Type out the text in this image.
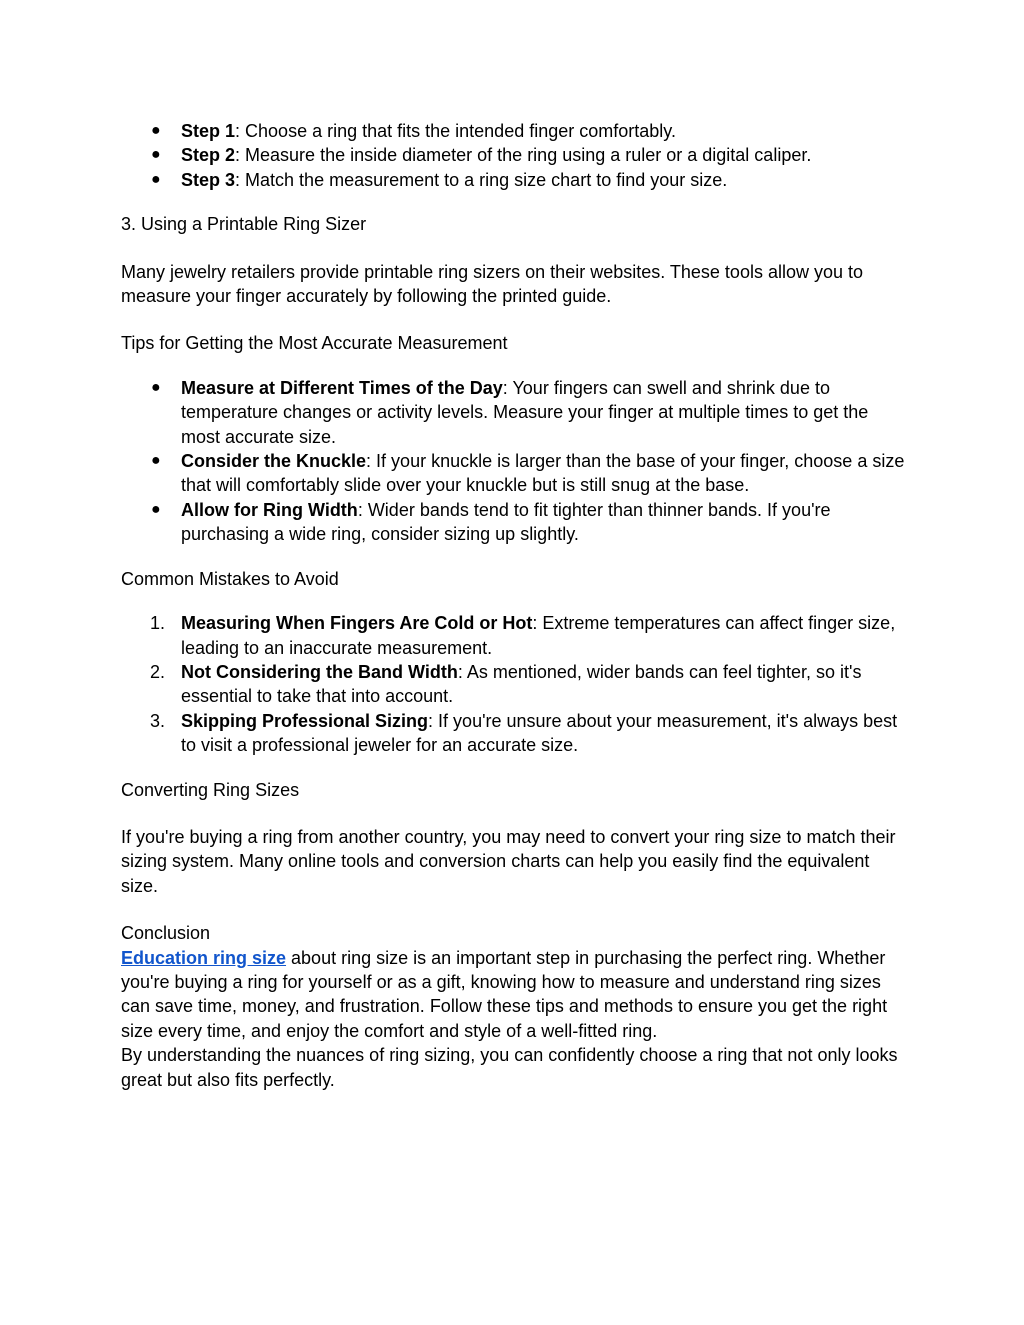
● Step 1: Choose a ring that fits the intended finger comfortably.
● Step 2: Measure the inside diameter of the ring using a ruler or a digital caliper.
● Step 3: Match the measurement to a ring size chart to find your size.

3. Using a Printable Ring Sizer

Many jewelry retailers provide printable ring sizers on their websites. These tools allow you to measure your finger accurately by following the printed guide.

Tips for Getting the Most Accurate Measurement

● Measure at Different Times of the Day: Your fingers can swell and shrink due to temperature changes or activity levels. Measure your finger at multiple times to get the most accurate size.
● Consider the Knuckle: If your knuckle is larger than the base of your finger, choose a size that will comfortably slide over your knuckle but is still snug at the base.
● Allow for Ring Width: Wider bands tend to fit tighter than thinner bands. If you're purchasing a wide ring, consider sizing up slightly.

Common Mistakes to Avoid

1. Measuring When Fingers Are Cold or Hot: Extreme temperatures can affect finger size, leading to an inaccurate measurement.
2. Not Considering the Band Width: As mentioned, wider bands can feel tighter, so it's essential to take that into account.
3. Skipping Professional Sizing: If you're unsure about your measurement, it's always best to visit a professional jeweler for an accurate size.

Converting Ring Sizes

If you're buying a ring from another country, you may need to convert your ring size to match their sizing system. Many online tools and conversion charts can help you easily find the equivalent size.

Conclusion

Education ring size about ring size is an important step in purchasing the perfect ring. Whether you're buying a ring for yourself or as a gift, knowing how to measure and understand ring sizes can save time, money, and frustration. Follow these tips and methods to ensure you get the right size every time, and enjoy the comfort and style of a well-fitted ring.

By understanding the nuances of ring sizing, you can confidently choose a ring that not only looks great but also fits perfectly.
